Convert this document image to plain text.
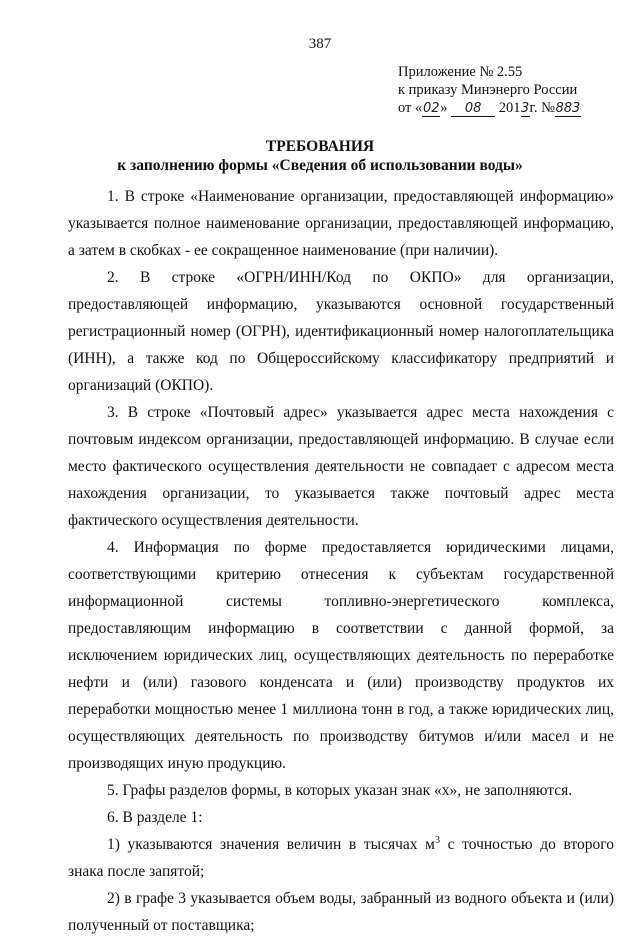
387
Приложение № 2.55
к приказу Минэнерго России
от «02» 08 2013г. №883
ТРЕБОВАНИЯ
к заполнению формы «Сведения об использовании воды»

1. В строке «Наименование организации, предоставляющей информацию» указывается полное наименование организации, предоставляющей информацию, а затем в скобках - ее сокращенное наименование (при наличии).

2. В строке «ОГРН/ИНН/Код по ОКПО» для организации, предоставляющей информацию, указываются основной государственный регистрационный номер (ОГРН), идентификационный номер налогоплательщика (ИНН), а также код по Общероссийскому классификатору предприятий и организаций (ОКПО).

3. В строке «Почтовый адрес» указывается адрес места нахождения с почтовым индексом организации, предоставляющей информацию. В случае если место фактического осуществления деятельности не совпадает с адресом места нахождения организации, то указывается также почтовый адрес места фактического осуществления деятельности.

4. Информация по форме предоставляется юридическими лицами, соответствующими критерию отнесения к субъектам государственной информационной системы топливно-энергетического комплекса, предоставляющим информацию в соответствии с данной формой, за исключением юридических лиц, осуществляющих деятельность по переработке нефти и (или) газового конденсата и (или) производству продуктов их переработки мощностью менее 1 миллиона тонн в год, а также юридических лиц, осуществляющих деятельность по производству битумов и/или масел и не производящих иную продукцию.

5. Графы разделов формы, в которых указан знак «х», не заполняются.

6. В разделе 1:

1) указываются значения величин в тысячах $м^3$ с точностью до второго знака после запятой;

2) в графе 3 указывается объем воды, забранный из водного объекта и (или) полученный от поставщика;
